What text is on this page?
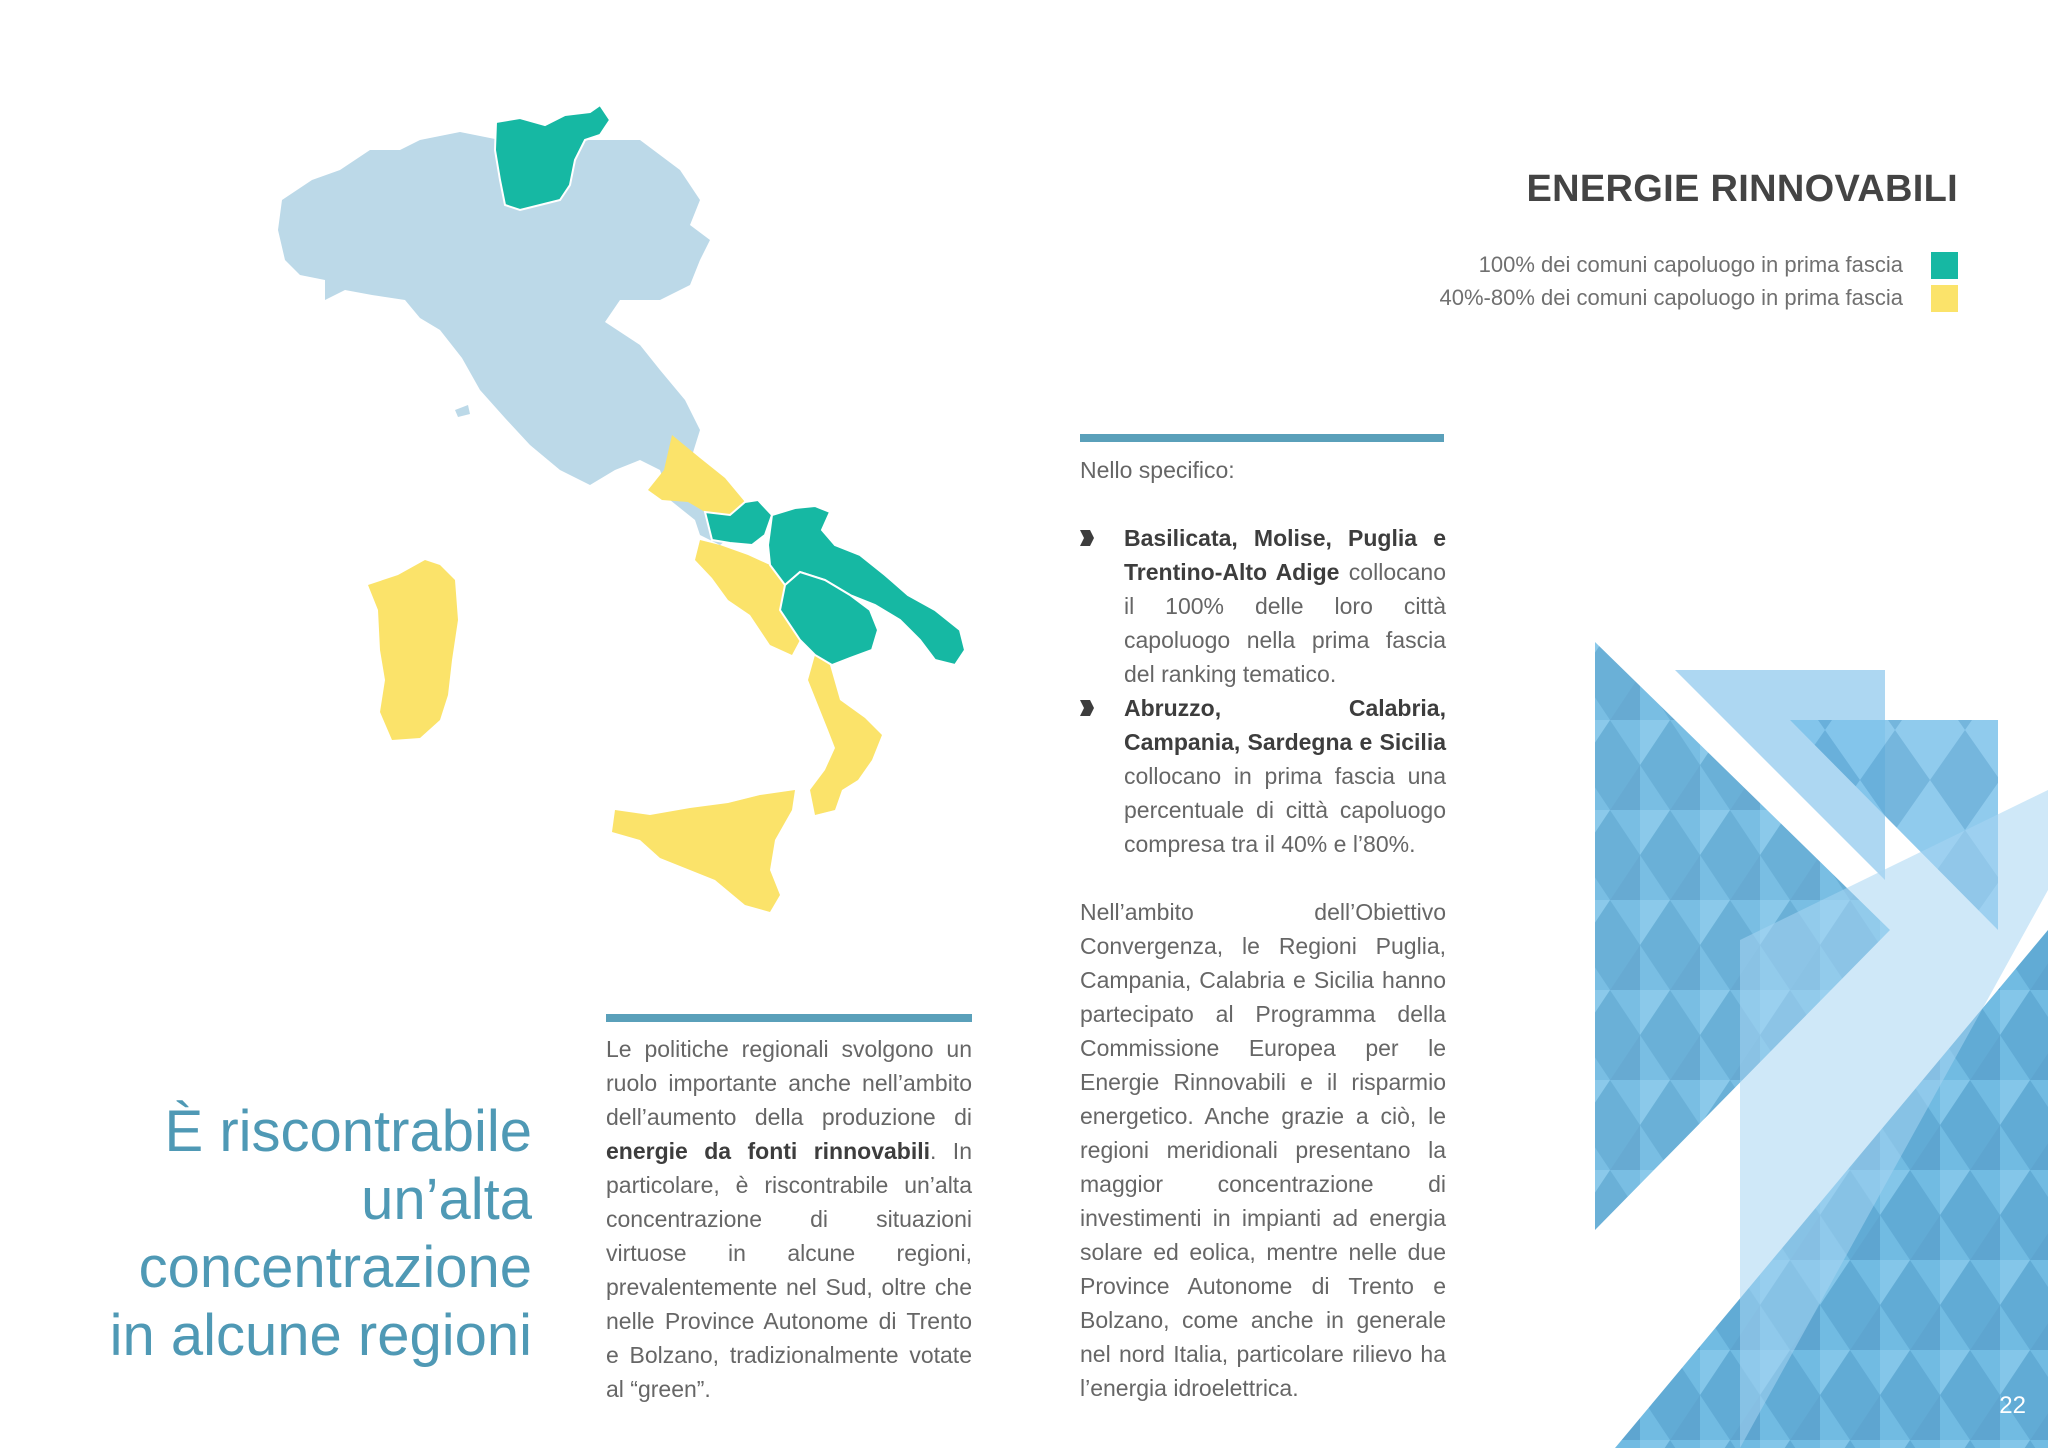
ENERGIE RINNOVABILI
100% dei comuni capoluogo in prima fascia
40%-80% dei comuni capoluogo in prima fascia
Nello specifico:
Basilicata, Molise, Puglia e Trentino-Alto Adige collocano il 100% delle loro città capoluogo nella prima fascia del ranking tematico.
Abruzzo, Calabria, Campania, Sardegna e Sicilia collocano in prima fascia una percentuale di città capoluogo compresa tra il 40% e l’80%.
Nell’ambito dell’Obiettivo Convergenza, le Regioni Puglia, Campania, Calabria e Sicilia hanno partecipato al Programma della Commissione Europea per le Energie Rinnovabili e il risparmio energetico. Anche grazie a ciò, le regioni meridionali presentano la maggior concentrazione di investimenti in impianti ad energia solare ed eolica, mentre nelle due Province Autonome di Trento e Bolzano, come anche in generale nel nord Italia, particolare rilievo ha l’energia idroelettrica.
Le politiche regionali svolgono un ruolo importante anche nell’ambito dell’aumento della produzione di energie da fonti rinnovabili. In particolare, è riscontrabile un’alta concentrazione di situazioni virtuose in alcune regioni, prevalentemente nel Sud, oltre che nelle Province Autonome di Trento e Bolzano, tradizionalmente votate al “green”.
È riscontrabile
un’alta
concentrazione
in alcune regioni
22
